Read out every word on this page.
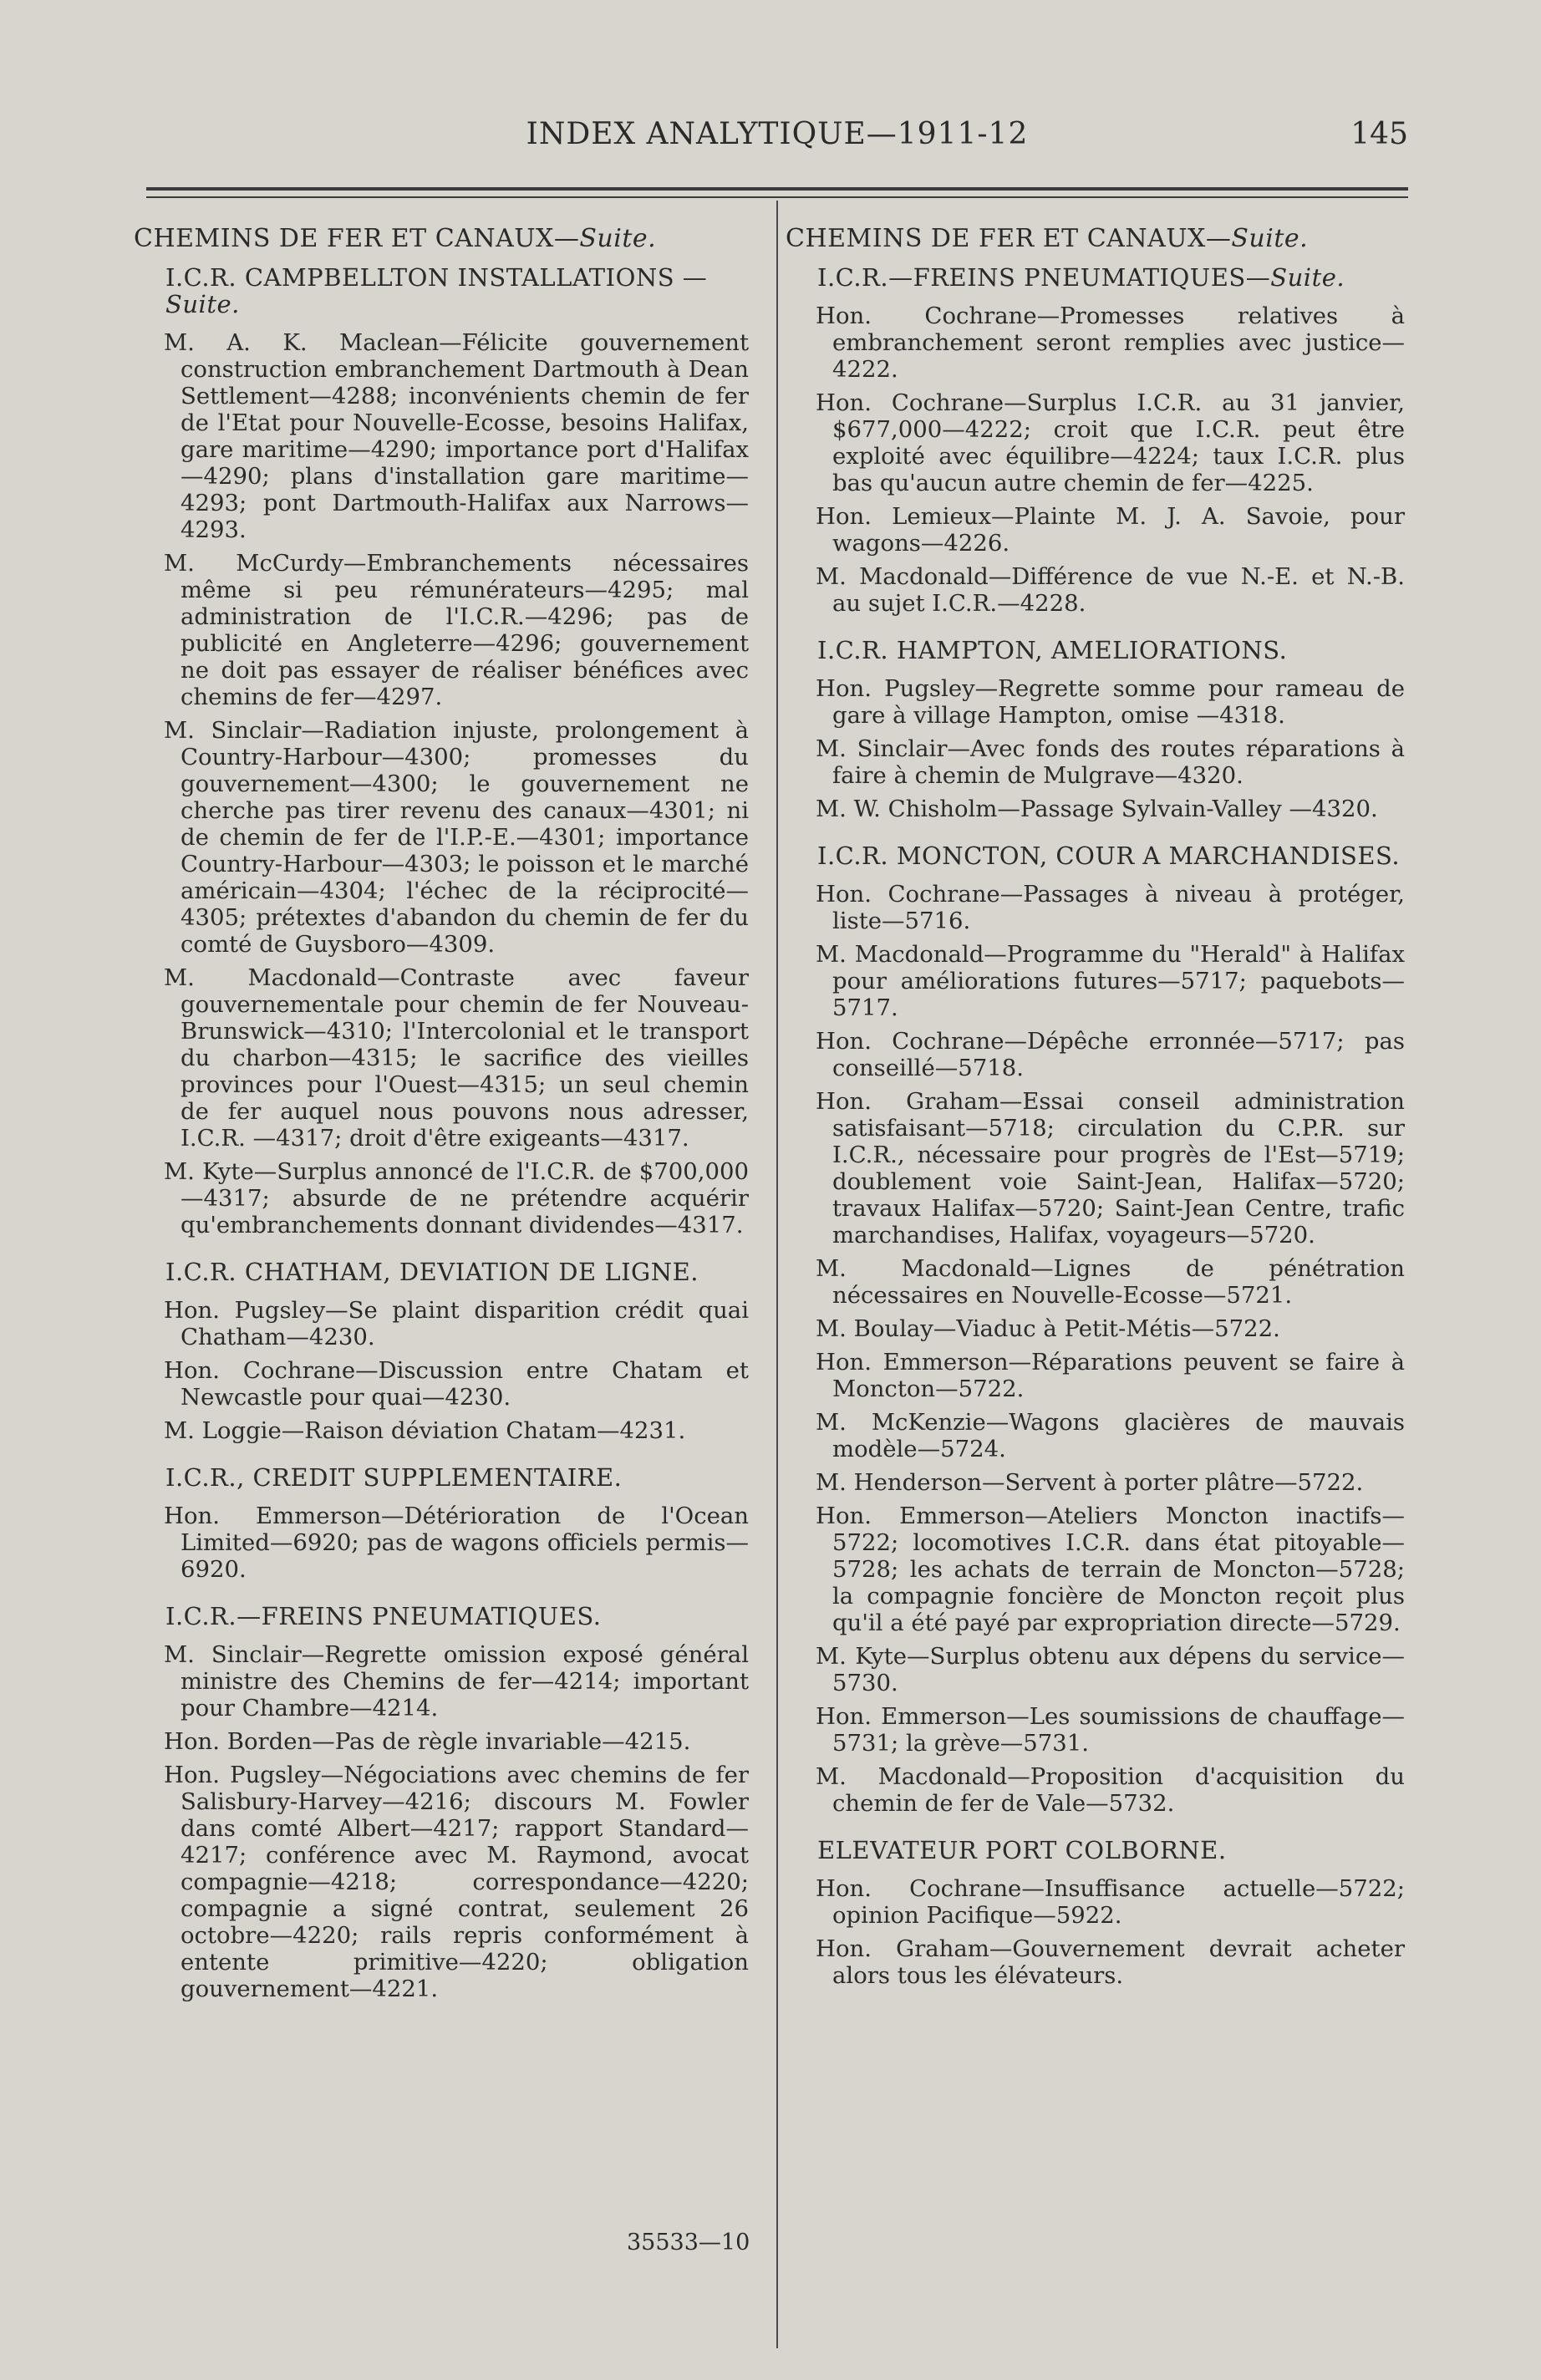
INDEX ANALYTIQUE—1911-12	145
CHEMINS DE FER ET CANAUX—Suite.
I.C.R. CAMPBELLTON INSTALLATIONS —Suite.
M. A. K. Maclean—Félicite gouvernement construction embranchement Dartmouth à Dean Settlement—4288; inconvénients chemin de fer de l'Etat pour Nouvelle-Ecosse, besoins Halifax, gare maritime—4290; importance port d'Halifax—4290; plans d'installation gare maritime—4293; pont Dartmouth-Halifax aux Narrows—4293.
M. McCurdy—Embranchements nécessaires même si peu rémunérateurs—4295; mal administration de l'I.C.R.—4296; pas de publicité en Angleterre—4296; gouvernement ne doit pas essayer de réaliser bénéfices avec chemins de fer—4297.
M. Sinclair—Radiation injuste, prolongement à Country-Harbour—4300; promesses du gouvernement—4300; le gouvernement ne cherche pas tirer revenu des canaux—4301; ni de chemin de fer de l'I.P.-E.—4301; importance Country-Harbour—4303; le poisson et le marché américain—4304; l'échec de la réciprocité—4305; prétextes d'abandon du chemin de fer du comté de Guysboro—4309.
M. Macdonald—Contraste avec faveur gouvernementale pour chemin de fer Nouveau-Brunswick—4310; l'Intercolonial et le transport du charbon—4315; le sacrifice des vieilles provinces pour l'Ouest—4315; un seul chemin de fer auquel nous pouvons nous adresser, I.C.R. —4317; droit d'être exigeants—4317.
M. Kyte—Surplus annoncé de l'I.C.R. de $700,000—4317; absurde de ne prétendre acquérir qu'embranchements donnant dividendes—4317.
I.C.R. CHATHAM, DEVIATION DE LIGNE.
Hon. Pugsley—Se plaint disparition crédit quai Chatham—4230.
Hon. Cochrane—Discussion entre Chatam et Newcastle pour quai—4230.
M. Loggie—Raison déviation Chatam—4231.
I.C.R., CREDIT SUPPLEMENTAIRE.
Hon. Emmerson—Détérioration de l'Ocean Limited—6920; pas de wagons officiels permis—6920.
I.C.R.—FREINS PNEUMATIQUES.
M. Sinclair—Regrette omission exposé général ministre des Chemins de fer—4214; important pour Chambre—4214.
Hon. Borden—Pas de règle invariable—4215.
Hon. Pugsley—Négociations avec chemins de fer Salisbury-Harvey—4216; discours M. Fowler dans comté Albert—4217; rapport Standard—4217; conférence avec M. Raymond, avocat compagnie—4218; correspondance—4220; compagnie a signé contrat, seulement 26 octobre—4220; rails repris conformément à entente primitive—4220; obligation gouvernement—4221.
CHEMINS DE FER ET CANAUX—Suite.
I.C.R.—FREINS PNEUMATIQUES—Suite.
Hon. Cochrane—Promesses relatives à embranchement seront remplies avec justice—4222.
Hon. Cochrane—Surplus I.C.R. au 31 janvier, $677,000—4222; croit que I.C.R. peut être exploité avec équilibre—4224; taux I.C.R. plus bas qu'aucun autre chemin de fer—4225.
Hon. Lemieux—Plainte M. J. A. Savoie, pour wagons—4226.
M. Macdonald—Différence de vue N.-E. et N.-B. au sujet I.C.R.—4228.
I.C.R. HAMPTON, AMELIORATIONS.
Hon. Pugsley—Regrette somme pour rameau de gare à village Hampton, omise —4318.
M. Sinclair—Avec fonds des routes réparations à faire à chemin de Mulgrave—4320.
M. W. Chisholm—Passage Sylvain-Valley —4320.
I.C.R. MONCTON, COUR A MARCHANDISES.
Hon. Cochrane—Passages à niveau à protéger, liste—5716.
M. Macdonald—Programme du "Herald" à Halifax pour améliorations futures—5717; paquebots—5717.
Hon. Cochrane—Dépêche erronnée—5717; pas conseillé—5718.
Hon. Graham—Essai conseil administration satisfaisant—5718; circulation du C.P.R. sur I.C.R., nécessaire pour progrès de l'Est—5719; doublement voie Saint-Jean, Halifax—5720; travaux Halifax—5720; Saint-Jean Centre, trafic marchandises, Halifax, voyageurs—5720.
M. Macdonald—Lignes de pénétration nécessaires en Nouvelle-Ecosse—5721.
M. Boulay—Viaduc à Petit-Métis—5722.
Hon. Emmerson—Réparations peuvent se faire à Moncton—5722.
M. McKenzie—Wagons glacières de mauvais modèle—5724.
M. Henderson—Servent à porter plâtre—5722.
Hon. Emmerson—Ateliers Moncton inactifs—5722; locomotives I.C.R. dans état pitoyable—5728; les achats de terrain de Moncton—5728; la compagnie foncière de Moncton reçoit plus qu'il a été payé par expropriation directe—5729.
M. Kyte—Surplus obtenu aux dépens du service—5730.
Hon. Emmerson—Les soumissions de chauffage—5731; la grève—5731.
M. Macdonald—Proposition d'acquisition du chemin de fer de Vale—5732.
ELEVATEUR PORT COLBORNE.
Hon. Cochrane—Insuffisance actuelle—5722; opinion Pacifique—5922.
Hon. Graham—Gouvernement devrait acheter alors tous les élévateurs.
35533—10
